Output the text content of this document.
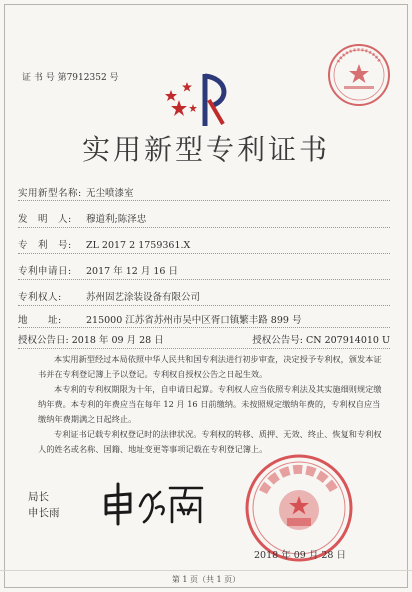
证 书 号 第7912352 号
实用新型专利证书
实用新型名称: 无尘喷漆室
发　明　人: 穆道利;陈泽忠
专　利　号: ZL 2017 2 1759361.X
专利申请日: 2017 年 12 月 16 日
专利权人:	苏州固艺涂装设备有限公司
地　　址:	215000 江苏省苏州市吴中区胥口镇繁丰路 899 号
授权公告日: 2018 年 09 月 28 日	授权公告号: CN 207914010 U
本实用新型经过本局依照中华人民共和国专利法进行初步审查，决定授予专利权，颁发本证书并在专利登记簿上予以登记。专利权自授权公告之日起生效。
本专利的专利权期限为十年，自申请日起算。专利权人应当依照专利法及其实施细则规定缴纳年费。本专利的年费应当在每年 12 月 16 日前缴纳。未按照规定缴纳年费的，专利权自应当缴纳年费期满之日起终止。
专利证书记载专利权登记时的法律状况。专利权的转移、质押、无效、终止、恢复和专利权人的姓名或名称、国籍、地址变更等事项记载在专利登记簿上。
局长
申长雨
2018 年 09 月 28 日
第 1 页（共 1 页）
